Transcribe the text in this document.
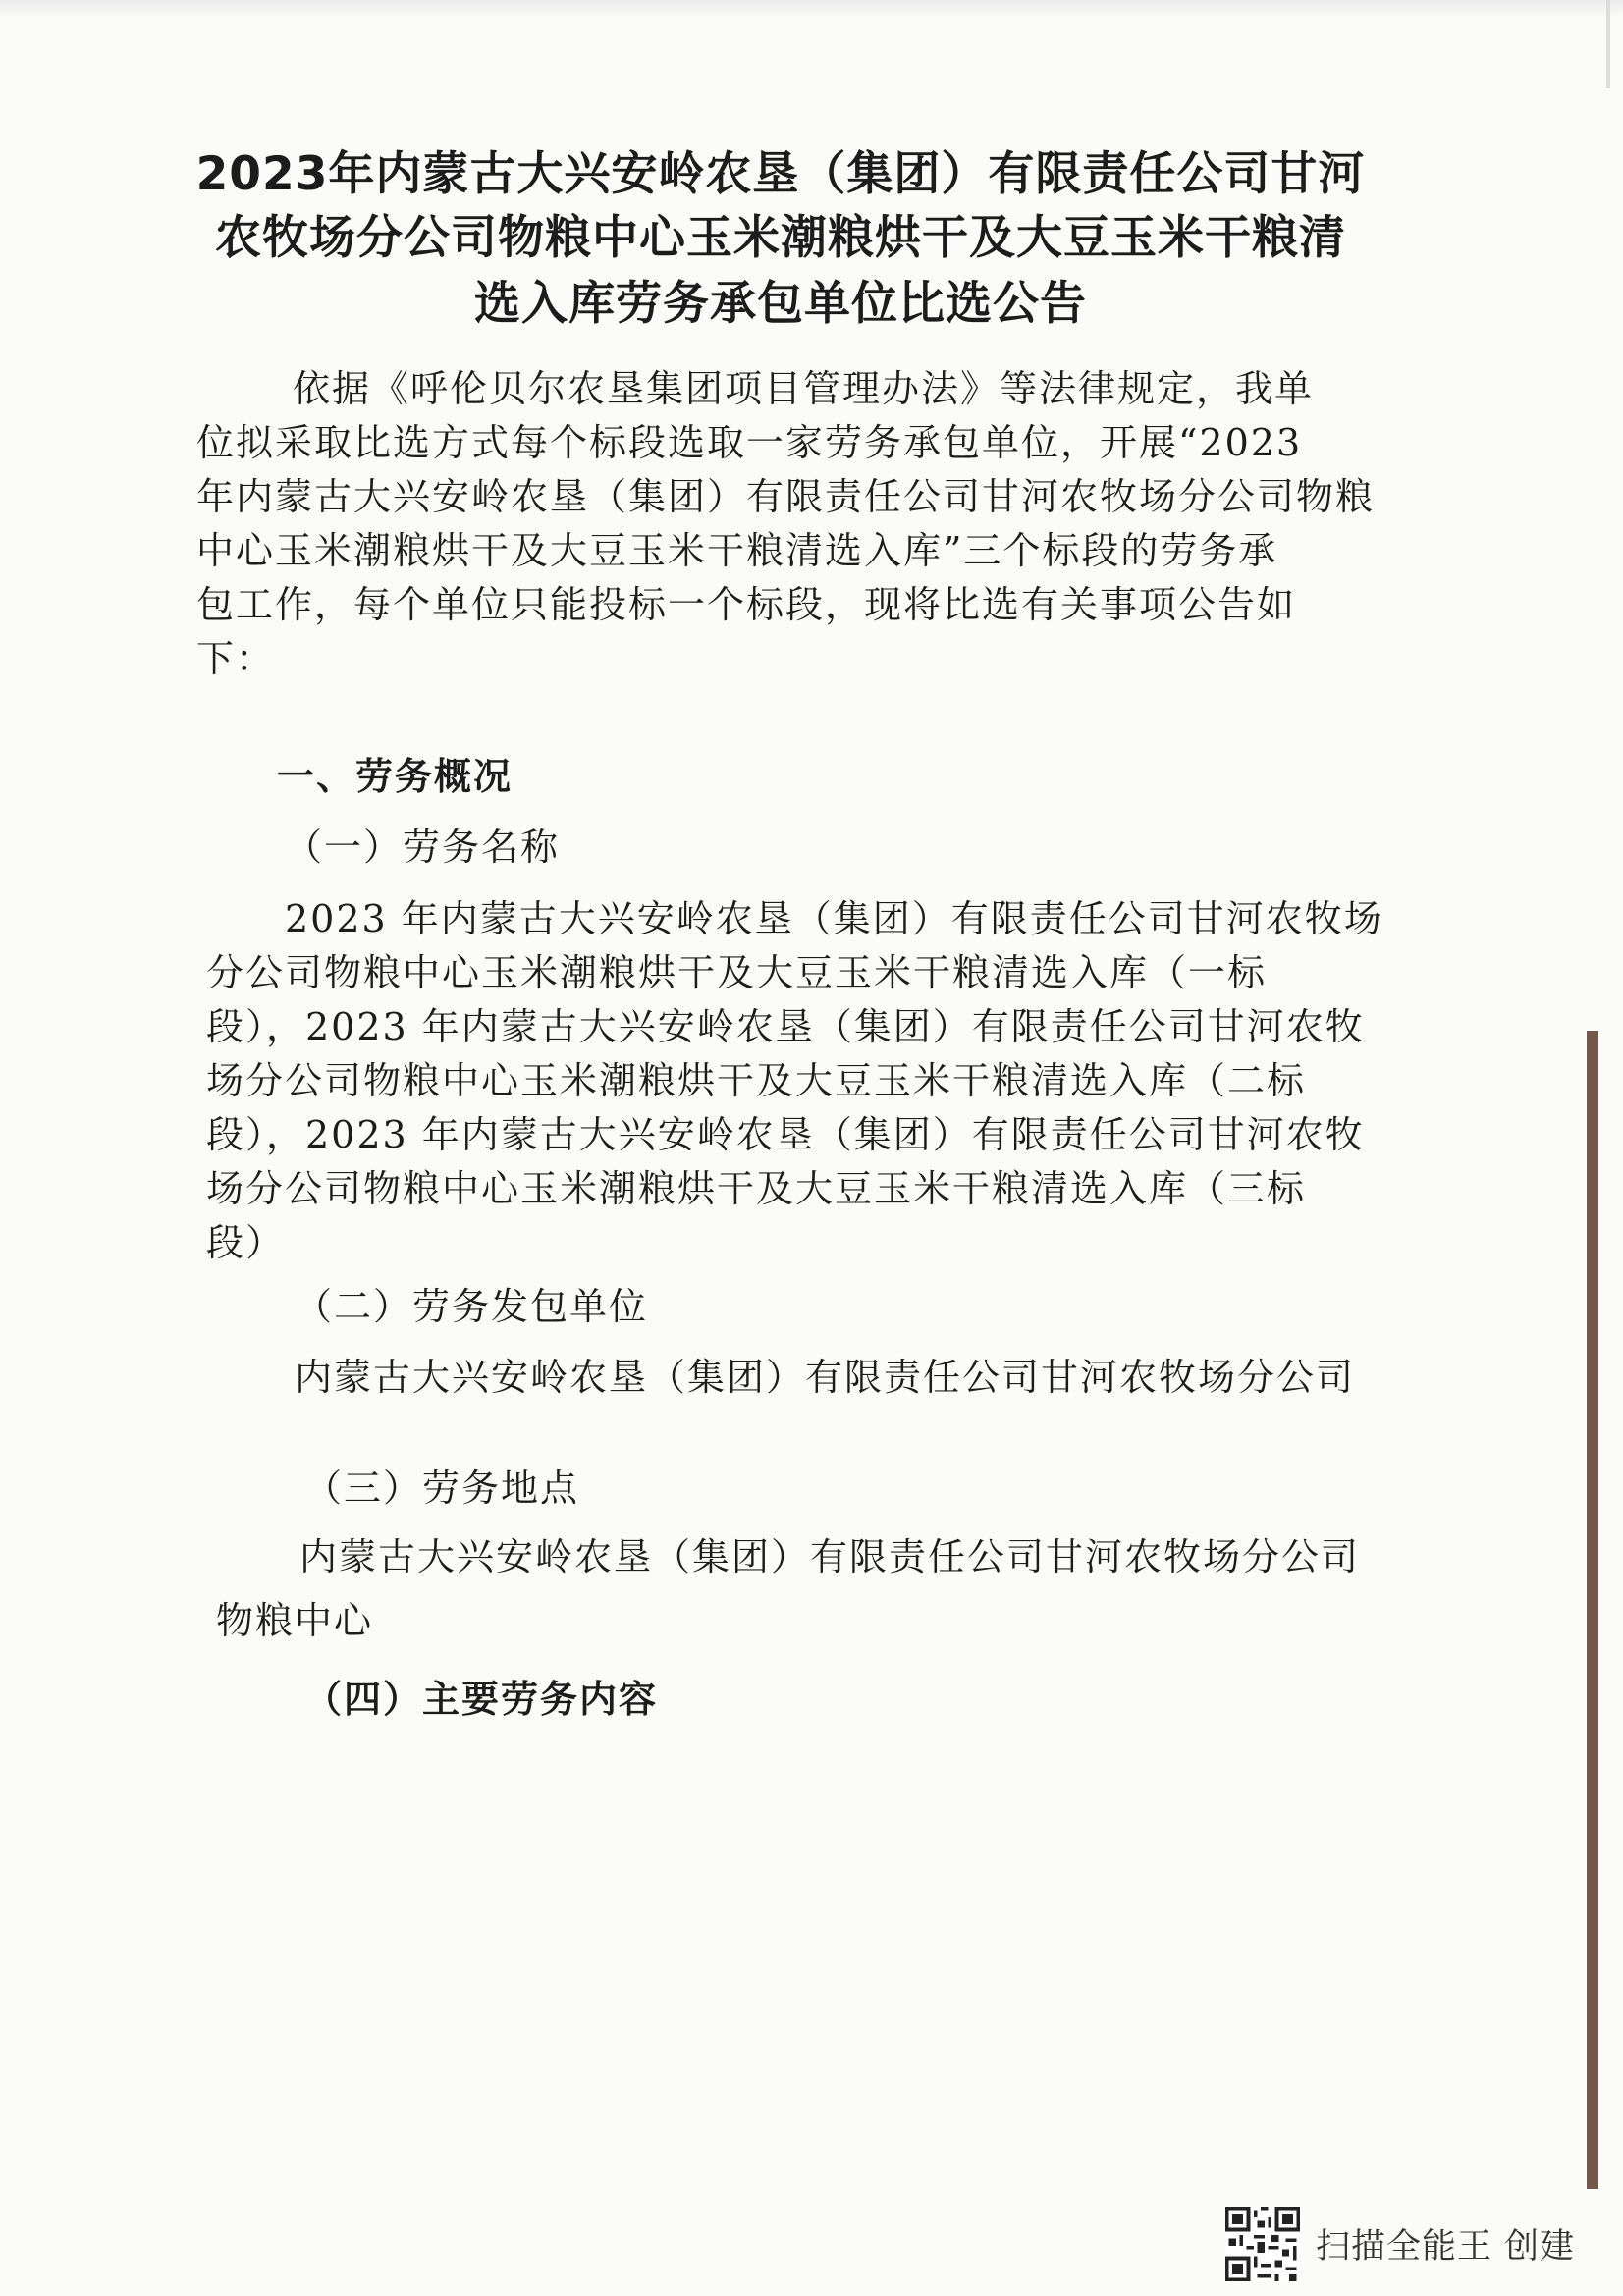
2023年内蒙古大兴安岭农垦（集团）有限责任公司甘河
农牧场分公司物粮中心玉米潮粮烘干及大豆玉米干粮清
选入库劳务承包单位比选公告
依据《呼伦贝尔农垦集团项目管理办法》等法律规定，我单
位拟采取比选方式每个标段选取一家劳务承包单位，开展“2023
年内蒙古大兴安岭农垦（集团）有限责任公司甘河农牧场分公司物粮
中心玉米潮粮烘干及大豆玉米干粮清选入库”三个标段的劳务承
包工作，每个单位只能投标一个标段，现将比选有关事项公告如
下：
一、劳务概况
（一）劳务名称
2023 年内蒙古大兴安岭农垦（集团）有限责任公司甘河农牧场
分公司物粮中心玉米潮粮烘干及大豆玉米干粮清选入库（一标
段），2023 年内蒙古大兴安岭农垦（集团）有限责任公司甘河农牧
场分公司物粮中心玉米潮粮烘干及大豆玉米干粮清选入库（二标
段），2023 年内蒙古大兴安岭农垦（集团）有限责任公司甘河农牧
场分公司物粮中心玉米潮粮烘干及大豆玉米干粮清选入库（三标
段）
（二）劳务发包单位
内蒙古大兴安岭农垦（集团）有限责任公司甘河农牧场分公司
（三）劳务地点
内蒙古大兴安岭农垦（集团）有限责任公司甘河农牧场分公司
物粮中心
（四）主要劳务内容
扫描全能王 创建
